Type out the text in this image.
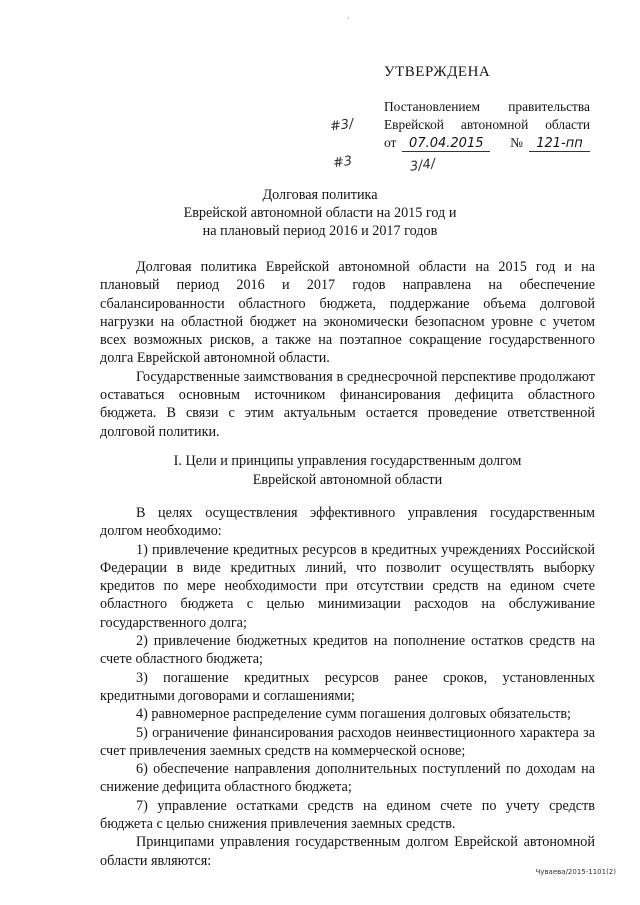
·
УТВЕРЖДЕНА
Постановлением правительства
Еврейской автономной области
от 07.04.2015	№	121-пп
#3/
#3	3/4/
Долговая политика
Еврейской автономной области на 2015 год и
на плановый период 2016 и 2017 годов

Долговая политика Еврейской автономной области на 2015 год и на плановый период 2016 и 2017 годов направлена на обеспечение сбалансированности областного бюджета, поддержание объема долговой нагрузки на областной бюджет на экономически безопасном уровне с учетом всех возможных рисков, а также на поэтапное сокращение государственного долга Еврейской автономной области.

Государственные заимствования в среднесрочной перспективе продолжают оставаться основным источником финансирования дефицита областного бюджета. В связи с этим актуальным остается проведение ответственной долговой политики.

I. Цели и принципы управления государственным долгом
Еврейской автономной области

В целях осуществления эффективного управления государственным долгом необходимо:

1) привлечение кредитных ресурсов в кредитных учреждениях Российской Федерации в виде кредитных линий, что позволит осуществлять выборку кредитов по мере необходимости при отсутствии средств на едином счете областного бюджета с целью минимизации расходов на обслуживание государственного долга;

2) привлечение бюджетных кредитов на пополнение остатков средств на счете областного бюджета;

3) погашение кредитных ресурсов ранее сроков, установленных кредитными договорами и соглашениями;

4) равномерное распределение сумм погашения долговых обязательств;

5) ограничение финансирования расходов неинвестиционного характера за счет привлечения заемных средств на коммерческой основе;

6) обеспечение направления дополнительных поступлений по доходам на снижение дефицита областного бюджета;

7) управление остатками средств на едином счете по учету средств бюджета с целью снижения привлечения заемных средств.

Принципами управления государственным долгом Еврейской автономной области являются:

Чуваева/2015-1101(2)
